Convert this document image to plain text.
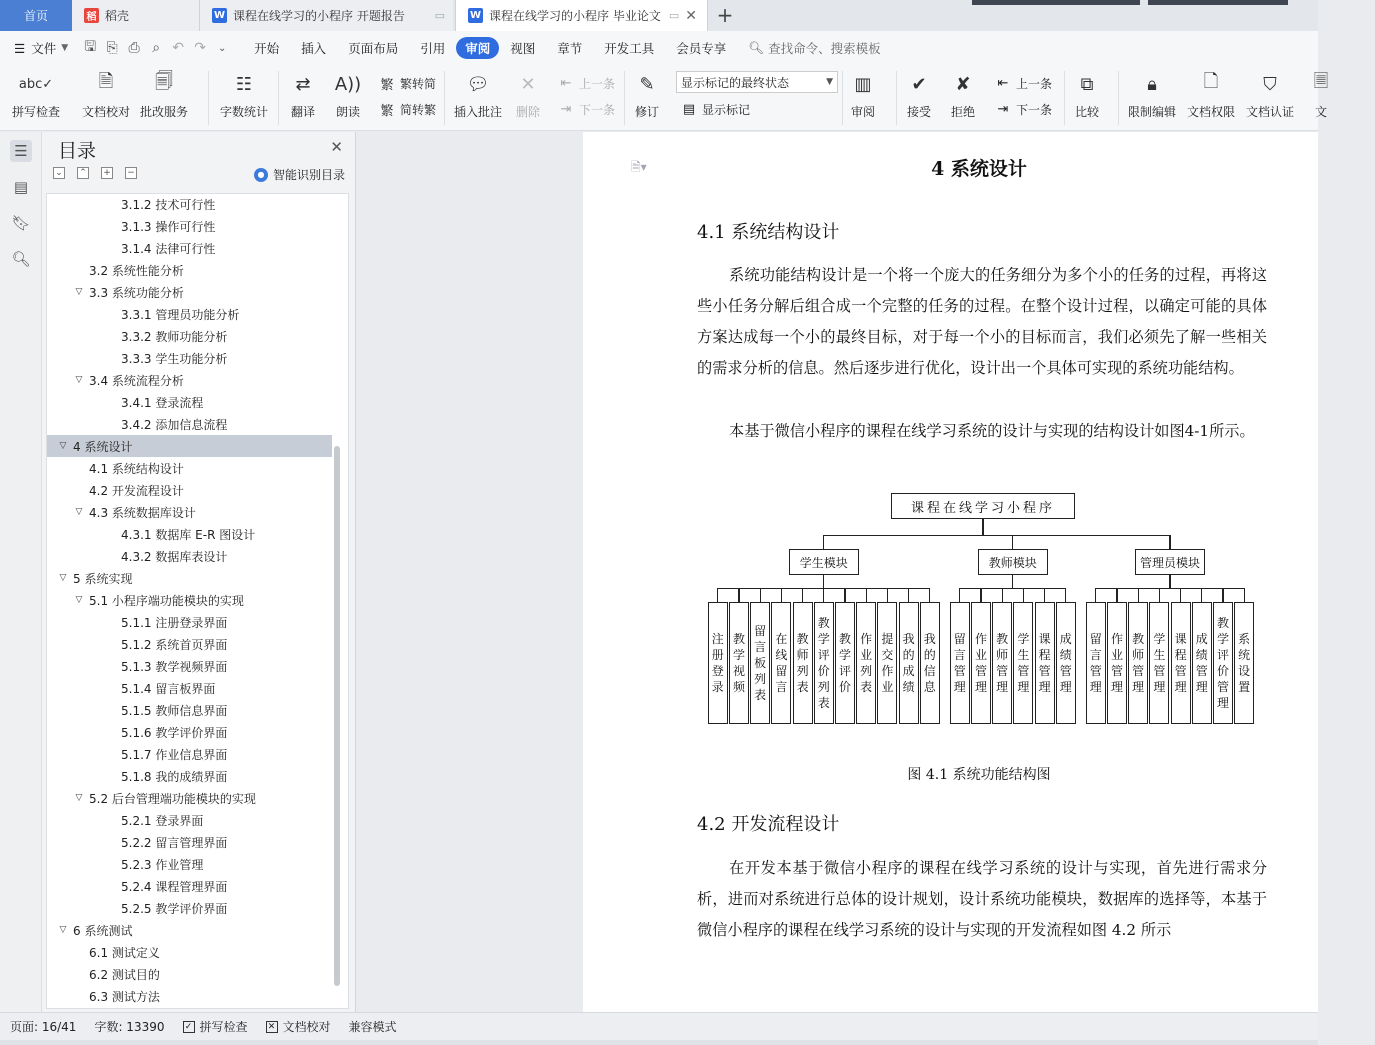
首页	稻 稻壳	W 课程在线学习的小程序 开题报告	▭ W 课程在线学习的小程序 毕业论文 ▭ ✕ +
☰ 文件 ▼	🖫 ⎘ ⎙ ⌕ ↶ ↷	⌄	开始	插入	页面布局	引用	审阅	视图	章节	开发工具	会员专享	🔍︎ 查找命令、搜索模板
abc✓
拼写检查
🗎
文档校对
🗐
批改服务
☷
字数统计
⇄
翻译
A))
朗读
繁 繁转简
繁 简转繁
💬︎
插入批注
✕
删除
⇤ 上一条
⇥ 下一条
✎
修订
显示标记的最终状态	▼
▤ 显示标记
▥
审阅
✔
接受
✘
拒绝
⇤ 上一条
⇥ 下一条
⧉
比较
🔒︎
限制编辑
🗋
文档权限
⛉
文档认证
🗏
文
☰
▤
🔖︎
🔍︎
目录	✕
⌄ ⌃ + −	● 智能识别目录
3.1.2 技术可行性
3.1.3 操作可行性
3.1.4 法律可行性
3.2 系统性能分析
▽ 3.3 系统功能分析
3.3.1 管理员功能分析
3.3.2 教师功能分析
3.3.3 学生功能分析
▽ 3.4 系统流程分析
3.4.1 登录流程
3.4.2 添加信息流程
▽ 4 系统设计
4.1 系统结构设计
4.2 开发流程设计
▽ 4.3 系统数据库设计
4.3.1 数据库 E-R 图设计
4.3.2 数据库表设计
▽ 5 系统实现
▽ 5.1 小程序端功能模块的实现
5.1.1 注册登录界面
5.1.2 系统首页界面
5.1.3 教学视频界面
5.1.4 留言板界面
5.1.5 教师信息界面
5.1.6 教学评价界面
5.1.7 作业信息界面
5.1.8 我的成绩界面
▽ 5.2 后台管理端功能模块的实现
5.2.1 登录界面
5.2.2 留言管理界面
5.2.3 作业管理
5.2.4 课程管理界面
5.2.5 教学评价界面
▽ 6 系统测试
6.1 测试定义
6.2 测试目的
6.3 测试方法
🗎▾	4 系统设计
4.1 系统结构设计
系统功能结构设计是一个将一个庞大的任务细分为多个小的任务的过程，再将这些小任务分解后组合成一个完整的任务的过程。在整个设计过程，以确定可能的具体方案达成每一个小的最终目标，对于每一个小的目标而言，我们必须先了解一些相关的需求分析的信息。然后逐步进行优化，设计出一个具体可实现的系统功能结构。
本基于微信小程序的课程在线学习系统的设计与实现的结构设计如图4-1所示。
课程在线学习小程序
学生模块
注
册
登
录
教
学
视
频
留
言
板
列
表
在
线
留
言
教
师
列
表
教
学
评
价
列
表
教
学
评
价
作
业
列
表
提
交
作
业
我
的
成
绩
我
的
信
息
教师模块
留
言
管
理
作
业
管
理
教
师
管
理
学
生
管
理
课
程
管
理
成
绩
管
理
管理员模块
留
言
管
理
作
业
管
理
教
师
管
理
学
生
管
理
课
程
管
理
成
绩
管
理
教
学
评
价
管
理
系
统
设
置
图 4.1 系统功能结构图
4.2 开发流程设计
在开发本基于微信小程序的课程在线学习系统的设计与实现，首先进行需求分析，进而对系统进行总体的设计规划，设计系统功能模块，数据库的选择等，本基于微信小程序的课程在线学习系统的设计与实现的开发流程如图 4.2 所示
页面: 16/41 字数: 13390 ✓ 拼写检查 ✕ 文档校对 兼容模式
